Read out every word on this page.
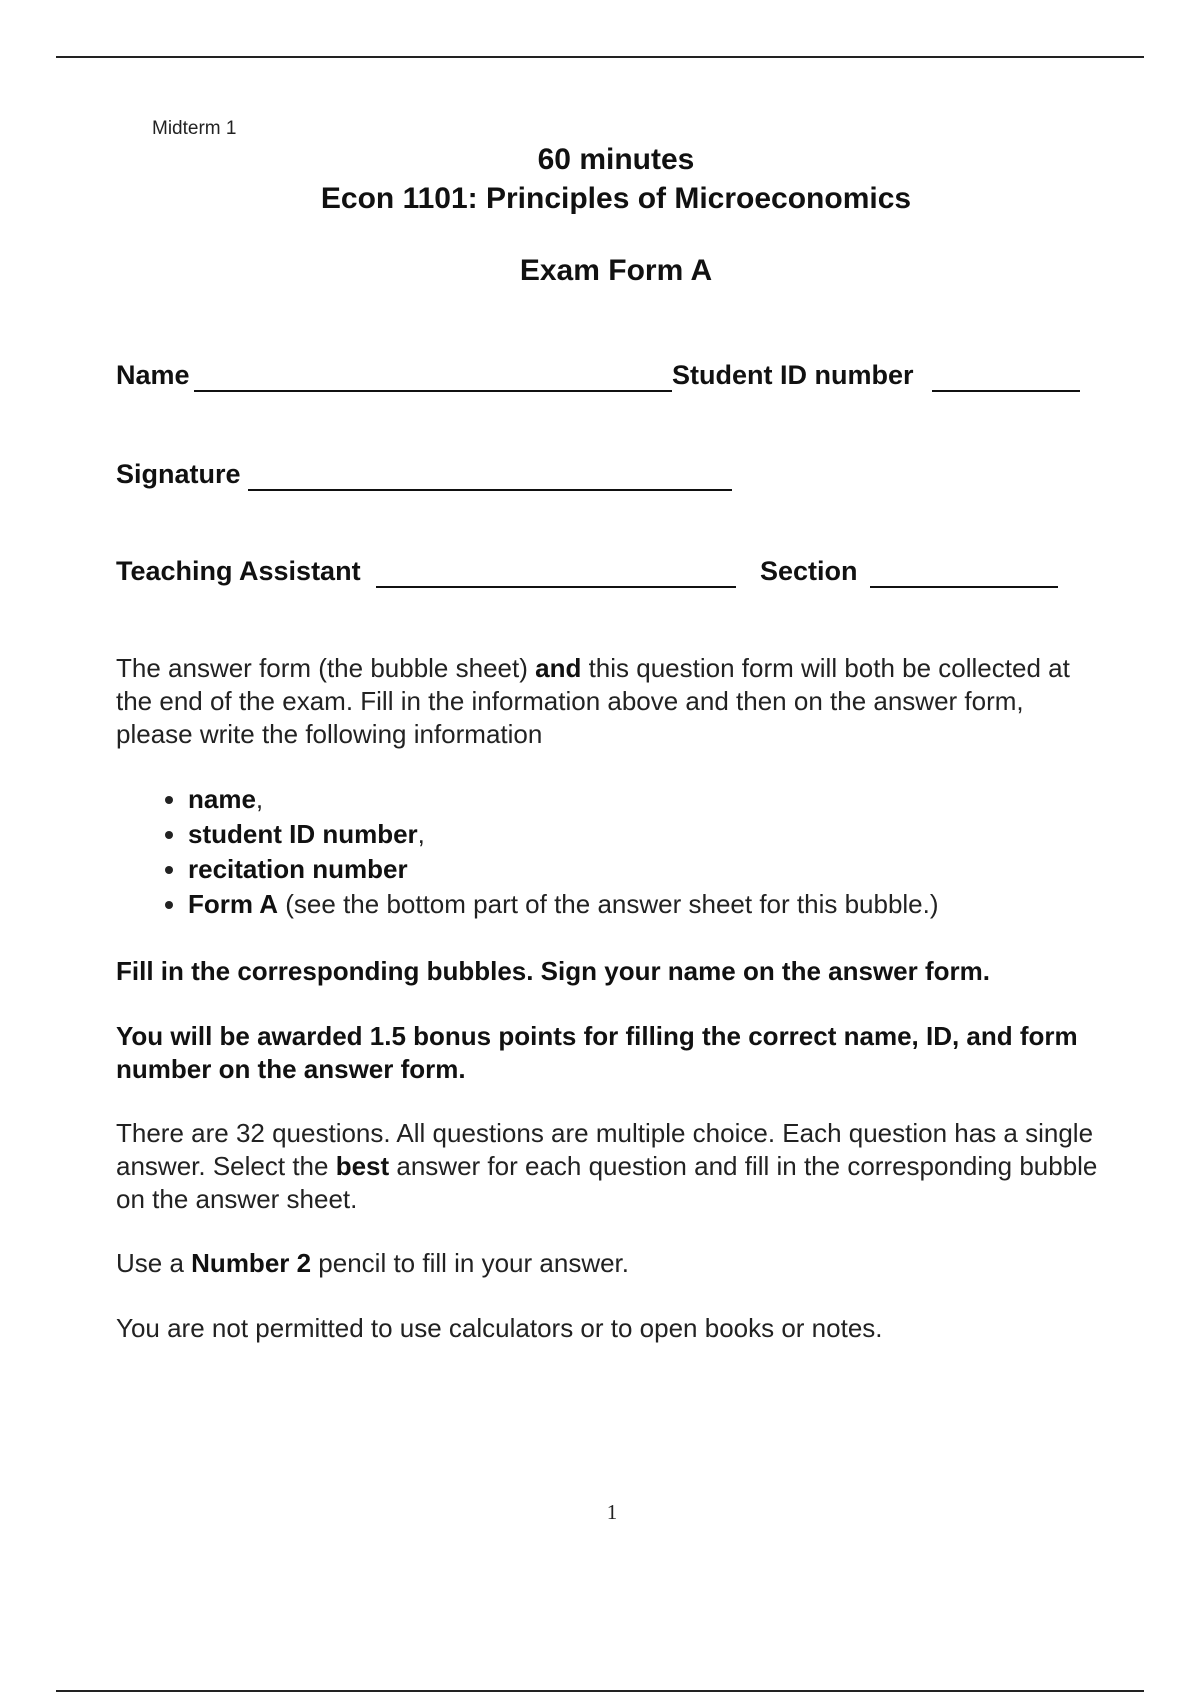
Midterm 1
60 minutes
Econ 1101: Principles of Microeconomics
Exam Form A
Name	Student ID number
Signature
Teaching Assistant	Section
The answer form (the bubble sheet) and this question form will both be collected at the end of the exam. Fill in the information above and then on the answer form, please write the following information
• name,
• student ID number,
• recitation number
• Form A (see the bottom part of the answer sheet for this bubble.)
Fill in the corresponding bubbles. Sign your name on the answer form.
You will be awarded 1.5 bonus points for filling the correct name, ID, and form number on the answer form.
There are 32 questions. All questions are multiple choice. Each question has a single answer. Select the best answer for each question and fill in the corresponding bubble on the answer sheet.
Use a Number 2 pencil to fill in your answer.
You are not permitted to use calculators or to open books or notes.
1
